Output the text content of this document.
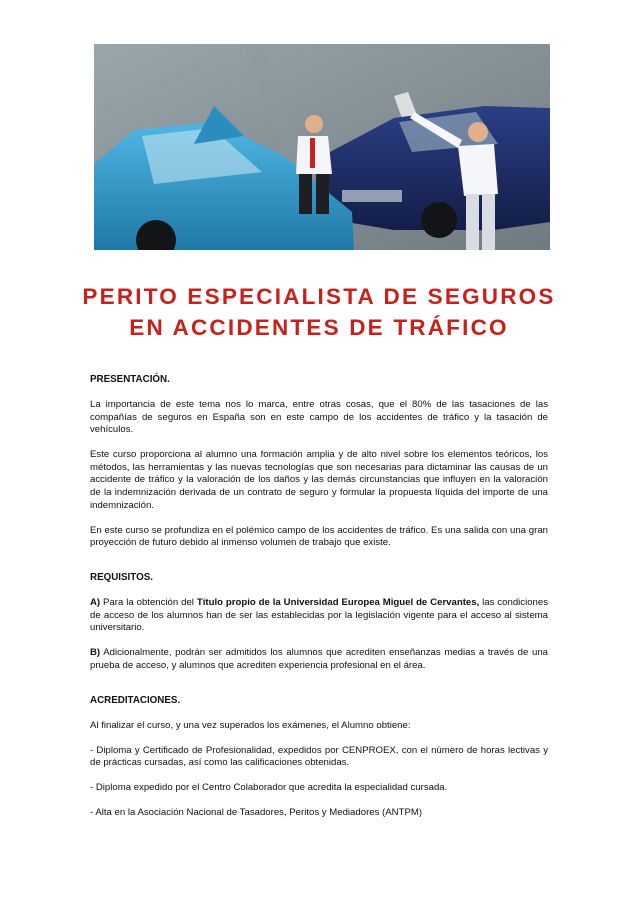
PERITO ESPECIALISTA DE SEGUROS
EN ACCIDENTES DE TRÁFICO
PRESENTACIÓN.

La importancia de este tema nos lo marca, entre otras cosas, que el 80% de las tasaciones de las compañías de seguros en España son en este campo de los accidentes de tráfico y la tasación de vehículos.

Este curso proporciona al alumno una formación amplia y de alto nivel sobre los elementos teóricos, los métodos, las herramientas y las nuevas tecnologías que son necesarias para dictaminar las causas de un accidente de tráfico y la valoración de los daños y las demás circunstancias que influyen en la valoración de la indemnización derivada de un contrato de seguro y formular la propuesta líquida del importe de una indemnización.

En este curso se profundiza en el polémico campo de los accidentes de tráfico. Es una salida con una gran proyección de futuro debido al inmenso volumen de trabajo que existe.

REQUISITOS.

A) Para la obtención del Título propio de la Universidad Europea Miguel de Cervantes, las condiciones de acceso de los alumnos han de ser las establecidas por la legislación vigente para el acceso al sistema universitario.

B) Adicionalmente, podrán ser admitidos los alumnos que acrediten enseñanzas medias a través de una prueba de acceso, y alumnos que acrediten experiencia profesional en el área.

ACREDITACIONES.

Al finalizar el curso, y una vez superados los exámenes, el Alumno obtiene:

- Diploma y Certificado de Profesionalidad, expedidos por CENPROEX, con el número de horas lectivas y de prácticas cursadas, así como las calificaciones obtenidas.

- Diploma expedido por el Centro Colaborador que acredita la especialidad cursada.

- Alta en la Asociación Nacional de Tasadores, Peritos y Mediadores (ANTPM)
